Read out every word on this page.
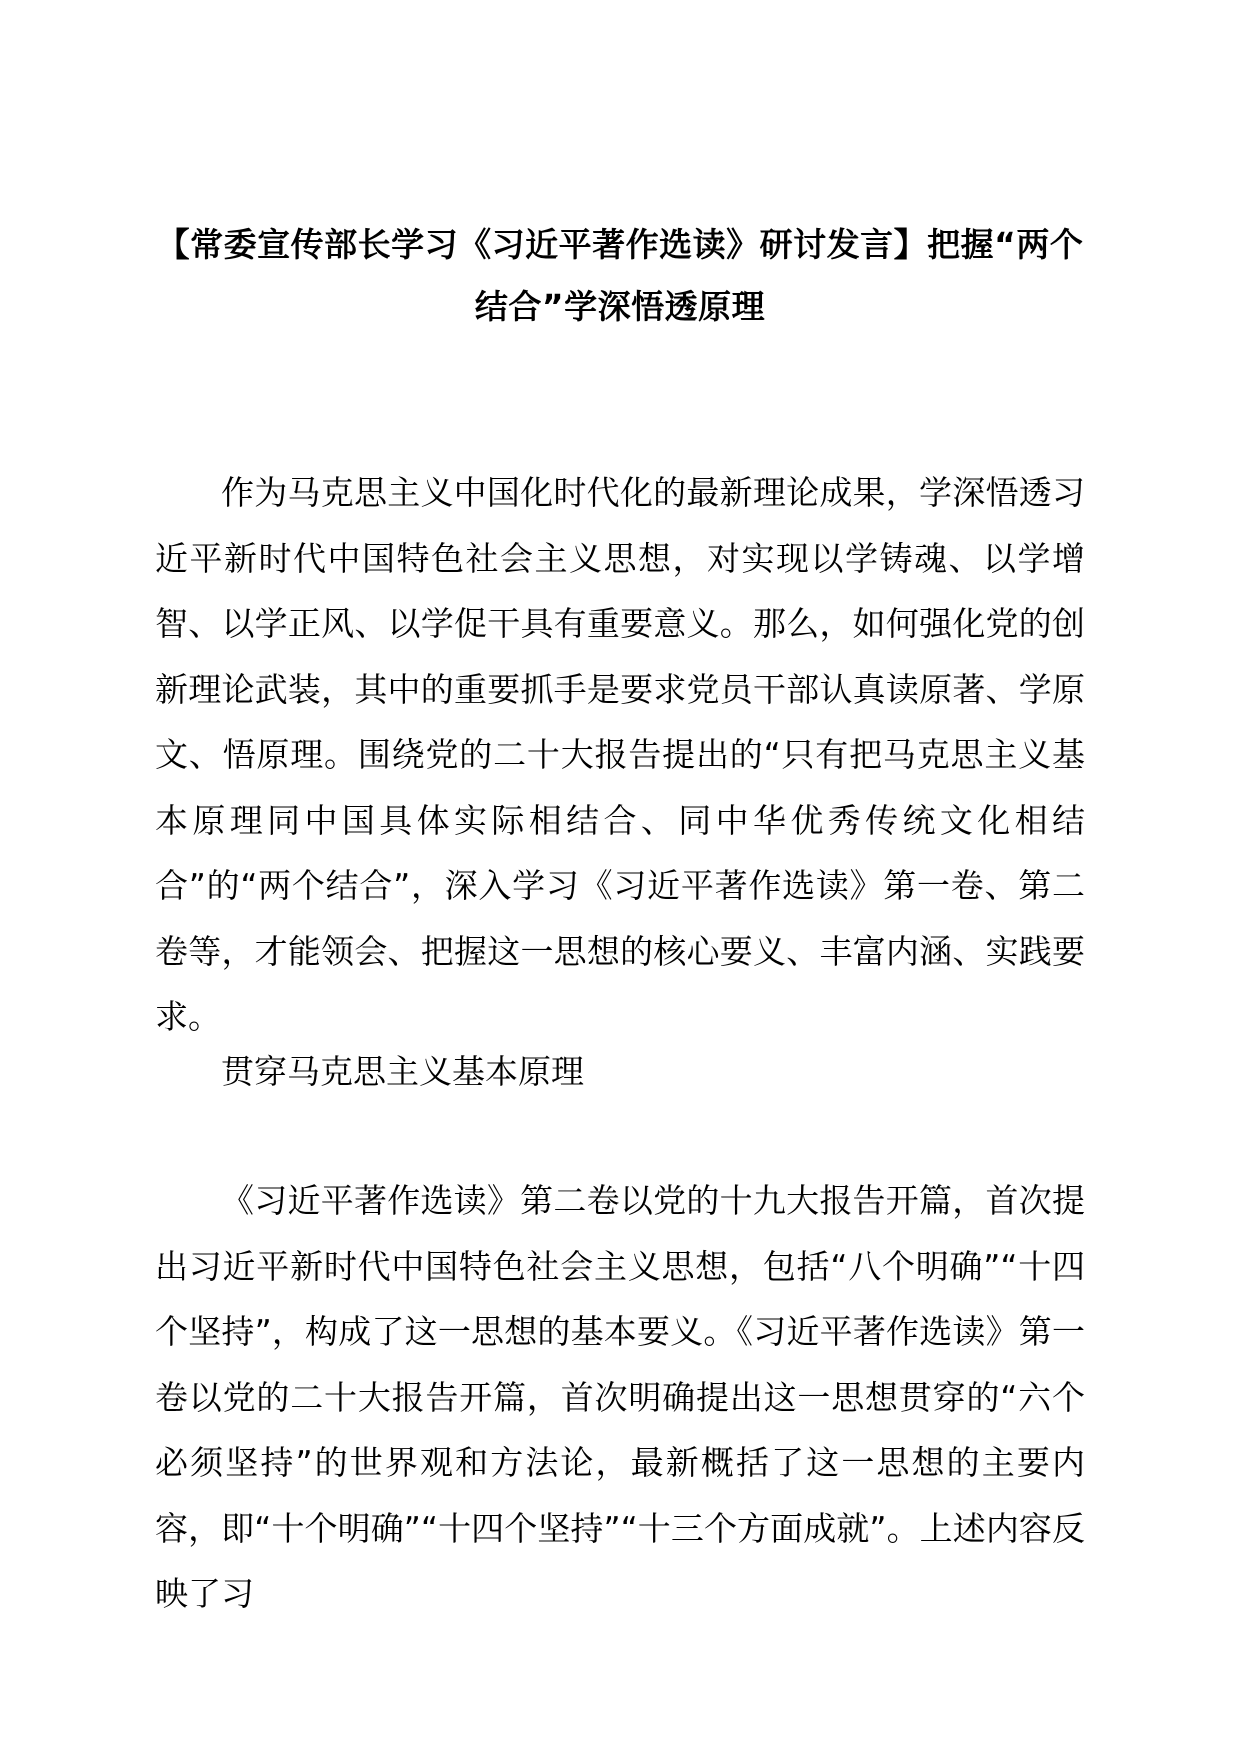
【常委宣传部长学习《习近平著作选读》研讨发言】把握“两个结合”学深悟透原理

作为马克思主义中国化时代化的最新理论成果，学深悟透习近平新时代中国特色社会主义思想，对实现以学铸魂、以学增智、以学正风、以学促干具有重要意义。那么，如何强化党的创新理论武装，其中的重要抓手是要求党员干部认真读原著、学原文、悟原理。围绕党的二十大报告提出的“只有把马克思主义基本原理同中国具体实际相结合、同中华优秀传统文化相结合”的“两个结合”，深入学习《习近平著作选读》第一卷、第二卷等，才能领会、把握这一思想的核心要义、丰富内涵、实践要求。

贯穿马克思主义基本原理

《习近平著作选读》第二卷以党的十九大报告开篇，首次提出习近平新时代中国特色社会主义思想，包括“八个明确”“十四个坚持”，构成了这一思想的基本要义。《习近平著作选读》第一卷以党的二十大报告开篇，首次明确提出这一思想贯穿的“六个必须坚持”的世界观和方法论，最新概括了这一思想的主要内容，即“十个明确”“十四个坚持”“十三个方面成就”。上述内容反映了习
